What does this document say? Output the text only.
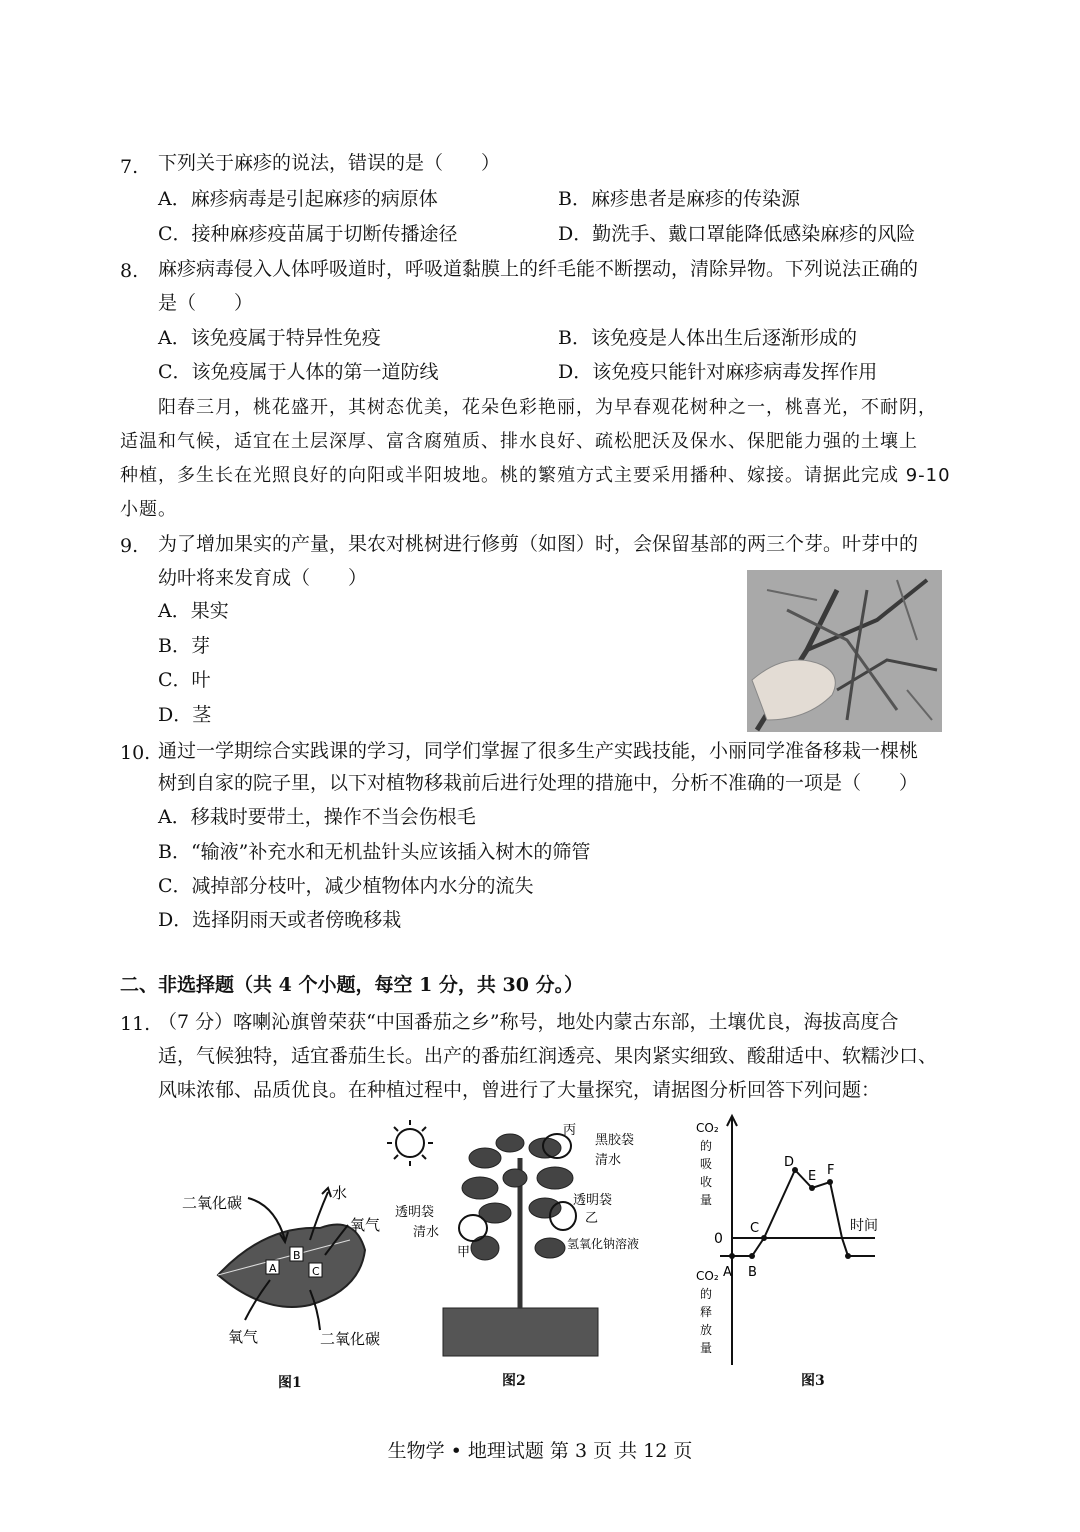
7. 下列关于麻疹的说法，错误的是（　　）
A．麻疹病毒是引起麻疹的病原体	B．麻疹患者是麻疹的传染源
C．接种麻疹疫苗属于切断传播途径	D．勤洗手、戴口罩能降低感染麻疹的风险
8. 麻疹病毒侵入人体呼吸道时，呼吸道黏膜上的纤毛能不断摆动，清除异物。下列说法正确的
是（　　）
A．该免疫属于特异性免疫	B．该免疫是人体出生后逐渐形成的
C．该免疫属于人体的第一道防线	D．该免疫只能针对麻疹病毒发挥作用
阳春三月，桃花盛开，其树态优美，花朵色彩艳丽，为早春观花树种之一，桃喜光，不耐阴，
适温和气候，适宜在土层深厚、富含腐殖质、排水良好、疏松肥沃及保水、保肥能力强的土壤上
种植，多生长在光照良好的向阳或半阳坡地。桃的繁殖方式主要采用播种、嫁接。请据此完成 9-10
小题。
9. 为了增加果实的产量，果农对桃树进行修剪（如图）时，会保留基部的两三个芽。叶芽中的
幼叶将来发育成（　　）
A．果实
B．芽
C．叶
D．茎
10. 通过一学期综合实践课的学习，同学们掌握了很多生产实践技能，小丽同学准备移栽一棵桃
树到自家的院子里，以下对植物移栽前后进行处理的措施中，分析不准确的一项是（　　）
A．移栽时要带土，操作不当会伤根毛
B．“输液”补充水和无机盐针头应该插入树木的筛管
C．减掉部分枝叶，减少植物体内水分的流失
D．选择阴雨天或者傍晚移栽
二、非选择题（共 4 个小题，每空 1 分，共 30 分。）
11. （7 分）喀喇沁旗曾荣获“中国番茄之乡”称号，地处内蒙古东部，土壤优良，海拔高度合
适，气候独特，适宜番茄生长。出产的番茄红润透亮、果肉紧实细致、酸甜适中、软糯沙口、
风味浓郁、品质优良。在种植过程中，曾进行了大量探究，请据图分析回答下列问题：
A
B
C
二氧化碳
水
氧气
氧气	二氧化碳
图1
丙
黑胶袋
清水
透明袋
乙
透明袋
清水
甲
氢氧化钠溶液
图2
CO₂ 的吸收量
CO₂ 的释放量
0
时间
A B
C
D
E F
图3
生物学 • 地理试题 第 3 页 共 12 页
